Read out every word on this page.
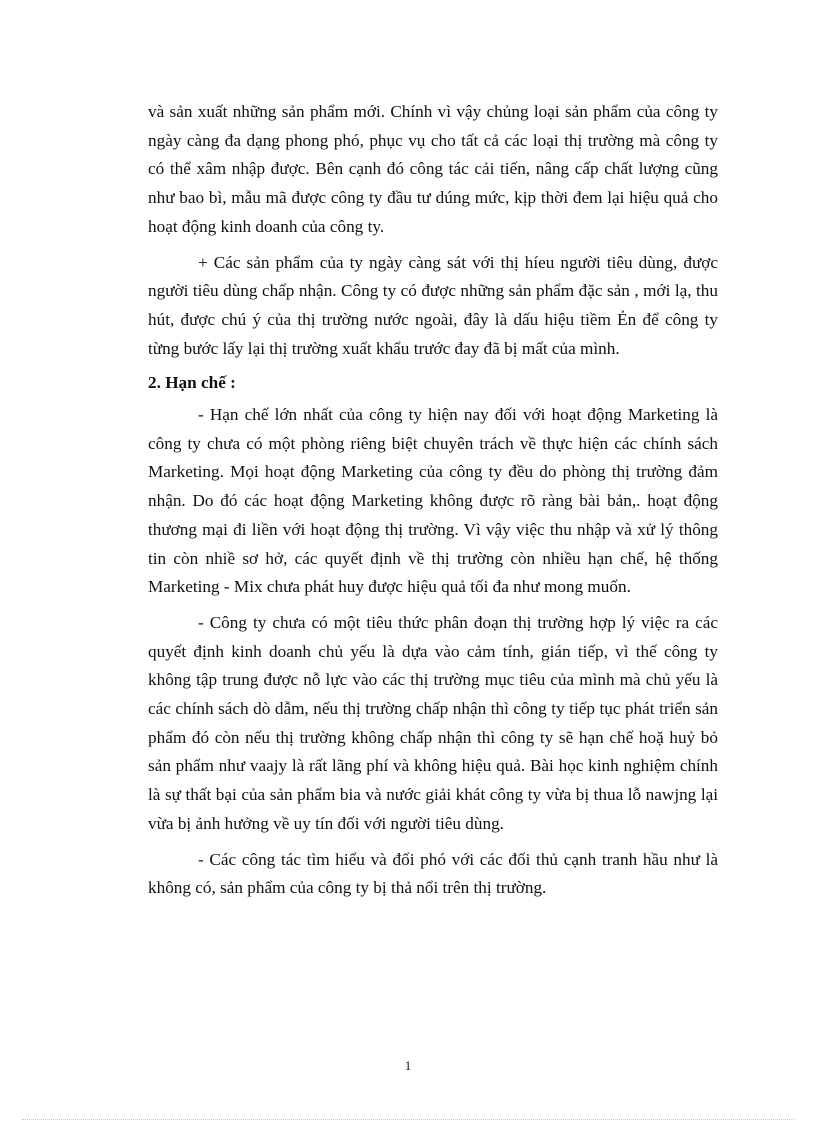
và sản xuất những sản phẩm mới. Chính vì vậy chủng loại sản phẩm của công ty ngày càng đa dạng phong phó, phục vụ cho tất cả các loại thị trường mà công ty có thể xâm nhập được. Bên cạnh đó công tác cải tiến, nâng cấp chất lượng cũng như bao bì, mẫu mã được công ty đầu tư dúng mức, kịp thời đem lại hiệu quả cho hoạt động kinh doanh của công ty.

+ Các sản phẩm của ty ngày càng sát với thị híeu người tiêu dùng, được người tiêu dùng chấp nhận. Công ty có được những sản phẩm đặc sản , mới lạ, thu hút, được chú ý của thị trường nước ngoài, đây là dấu hiệu tiềm Ẻn để công ty từng bước lấy lại thị trường xuất khẩu trước đay đã bị mất của mình.

2. Hạn chế :

- Hạn chế lớn nhất của công ty hiện nay đối với hoạt động Marketing là công ty chưa có một phòng riêng biệt chuyên trách về thực hiện các chính sách Marketing. Mọi hoạt động Marketing của công ty đều do phòng thị trường đảm nhận. Do đó các hoạt động Marketing không được rõ ràng bài bản,. hoạt động thương mại đi liền với hoạt động thị trường. Vì vậy việc thu nhập và xử lý thông tin còn nhiề sơ hở, các quyết định về thị trường còn nhiều hạn chế, hệ thống Marketing - Mix chưa phát huy được hiệu quả tối đa như mong muốn.

- Công ty chưa có một tiêu thức phân đoạn thị trường hợp lý việc ra các quyết định kinh doanh chủ yếu là dựa vào cảm tính, gián tiếp, vì thế công ty không tập trung được nỗ lực vào các thị trường mục tiêu của mình mà chủ yếu là các chính sách dò dẫm, nếu thị trường chấp nhận thì công ty tiếp tục phát triển sản phẩm đó còn nếu thị trường không chấp nhận thì công ty sẽ hạn chế hoặ huỷ bỏ sản phẩm như vaajy là rất lãng phí và không hiệu quả. Bài học kinh nghiệm chính là sự thất bại của sản phẩm bia và nước giải khát công ty vừa bị thua lỗ nawjng lại vừa bị ảnh hưởng về uy tín đối với người tiêu dùng.

- Các công tác tìm hiểu và đối phó với các đối thủ cạnh tranh hầu như là không có, sản phẩm của công ty bị thả nổi trên thị trường.

1
